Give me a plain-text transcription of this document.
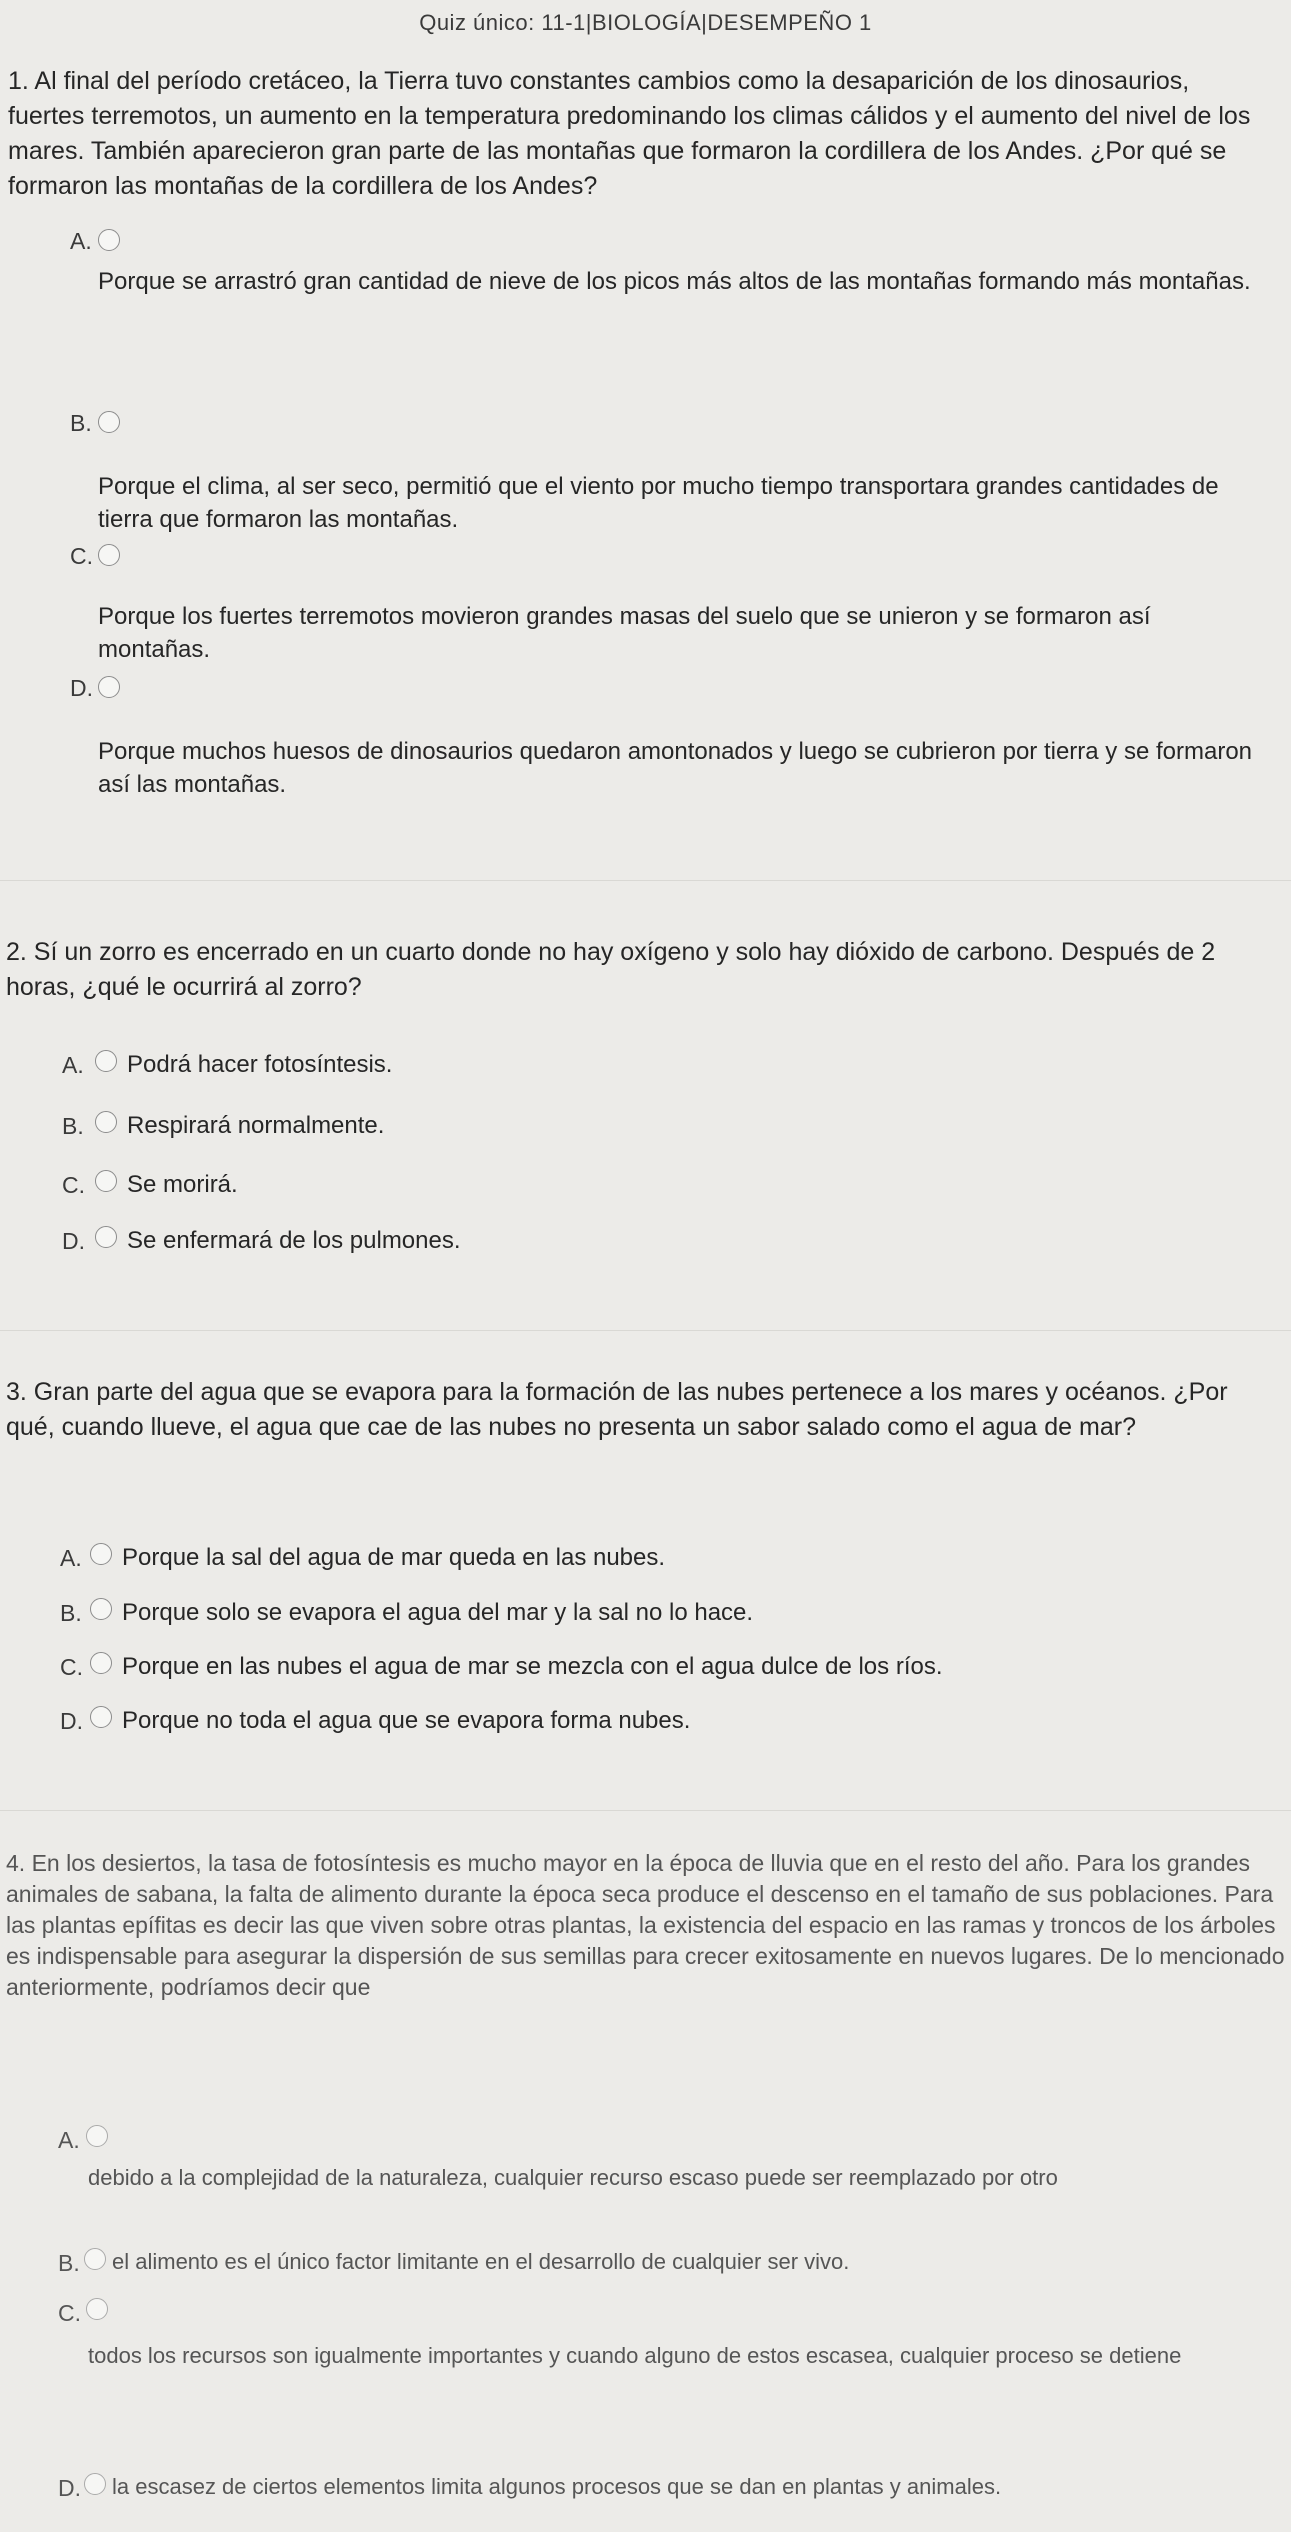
Quiz único: 11-1|BIOLOGÍA|DESEMPEÑO 1
1. Al final del período cretáceo, la Tierra tuvo constantes cambios como la desaparición de los dinosaurios, fuertes terremotos, un aumento en la temperatura predominando los climas cálidos y el aumento del nivel de los mares. También aparecieron gran parte de las montañas que formaron la cordillera de los Andes. ¿Por qué se formaron las montañas de la cordillera de los Andes?
A.
Porque se arrastró gran cantidad de nieve de los picos más altos de las montañas formando más montañas.
B.
Porque el clima, al ser seco, permitió que el viento por mucho tiempo transportara grandes cantidades de tierra que formaron las montañas.
C.
Porque los fuertes terremotos movieron grandes masas del suelo que se unieron y se formaron así montañas.
D.
Porque muchos huesos de dinosaurios quedaron amontonados y luego se cubrieron por tierra y se formaron así las montañas.
2. Sí un zorro es encerrado en un cuarto donde no hay oxígeno y solo hay dióxido de carbono. Después de 2 horas, ¿qué le ocurrirá al zorro?
A. Podrá hacer fotosíntesis.
B. Respirará normalmente.
C. Se morirá.
D. Se enfermará de los pulmones.
3. Gran parte del agua que se evapora para la formación de las nubes pertenece a los mares y océanos. ¿Por qué, cuando llueve, el agua que cae de las nubes no presenta un sabor salado como el agua de mar?
A. Porque la sal del agua de mar queda en las nubes.
B. Porque solo se evapora el agua del mar y la sal no lo hace.
C. Porque en las nubes el agua de mar se mezcla con el agua dulce de los ríos.
D. Porque no toda el agua que se evapora forma nubes.
4. En los desiertos, la tasa de fotosíntesis es mucho mayor en la época de lluvia que en el resto del año. Para los grandes animales de sabana, la falta de alimento durante la época seca produce el descenso en el tamaño de sus poblaciones. Para las plantas epífitas es decir las que viven sobre otras plantas, la existencia del espacio en las ramas y troncos de los árboles es indispensable para asegurar la dispersión de sus semillas para crecer exitosamente en nuevos lugares. De lo mencionado anteriormente, podríamos decir que
A.
debido a la complejidad de la naturaleza, cualquier recurso escaso puede ser reemplazado por otro
B. el alimento es el único factor limitante en el desarrollo de cualquier ser vivo.
C.
todos los recursos son igualmente importantes y cuando alguno de estos escasea, cualquier proceso se detiene
D. la escasez de ciertos elementos limita algunos procesos que se dan en plantas y animales.
